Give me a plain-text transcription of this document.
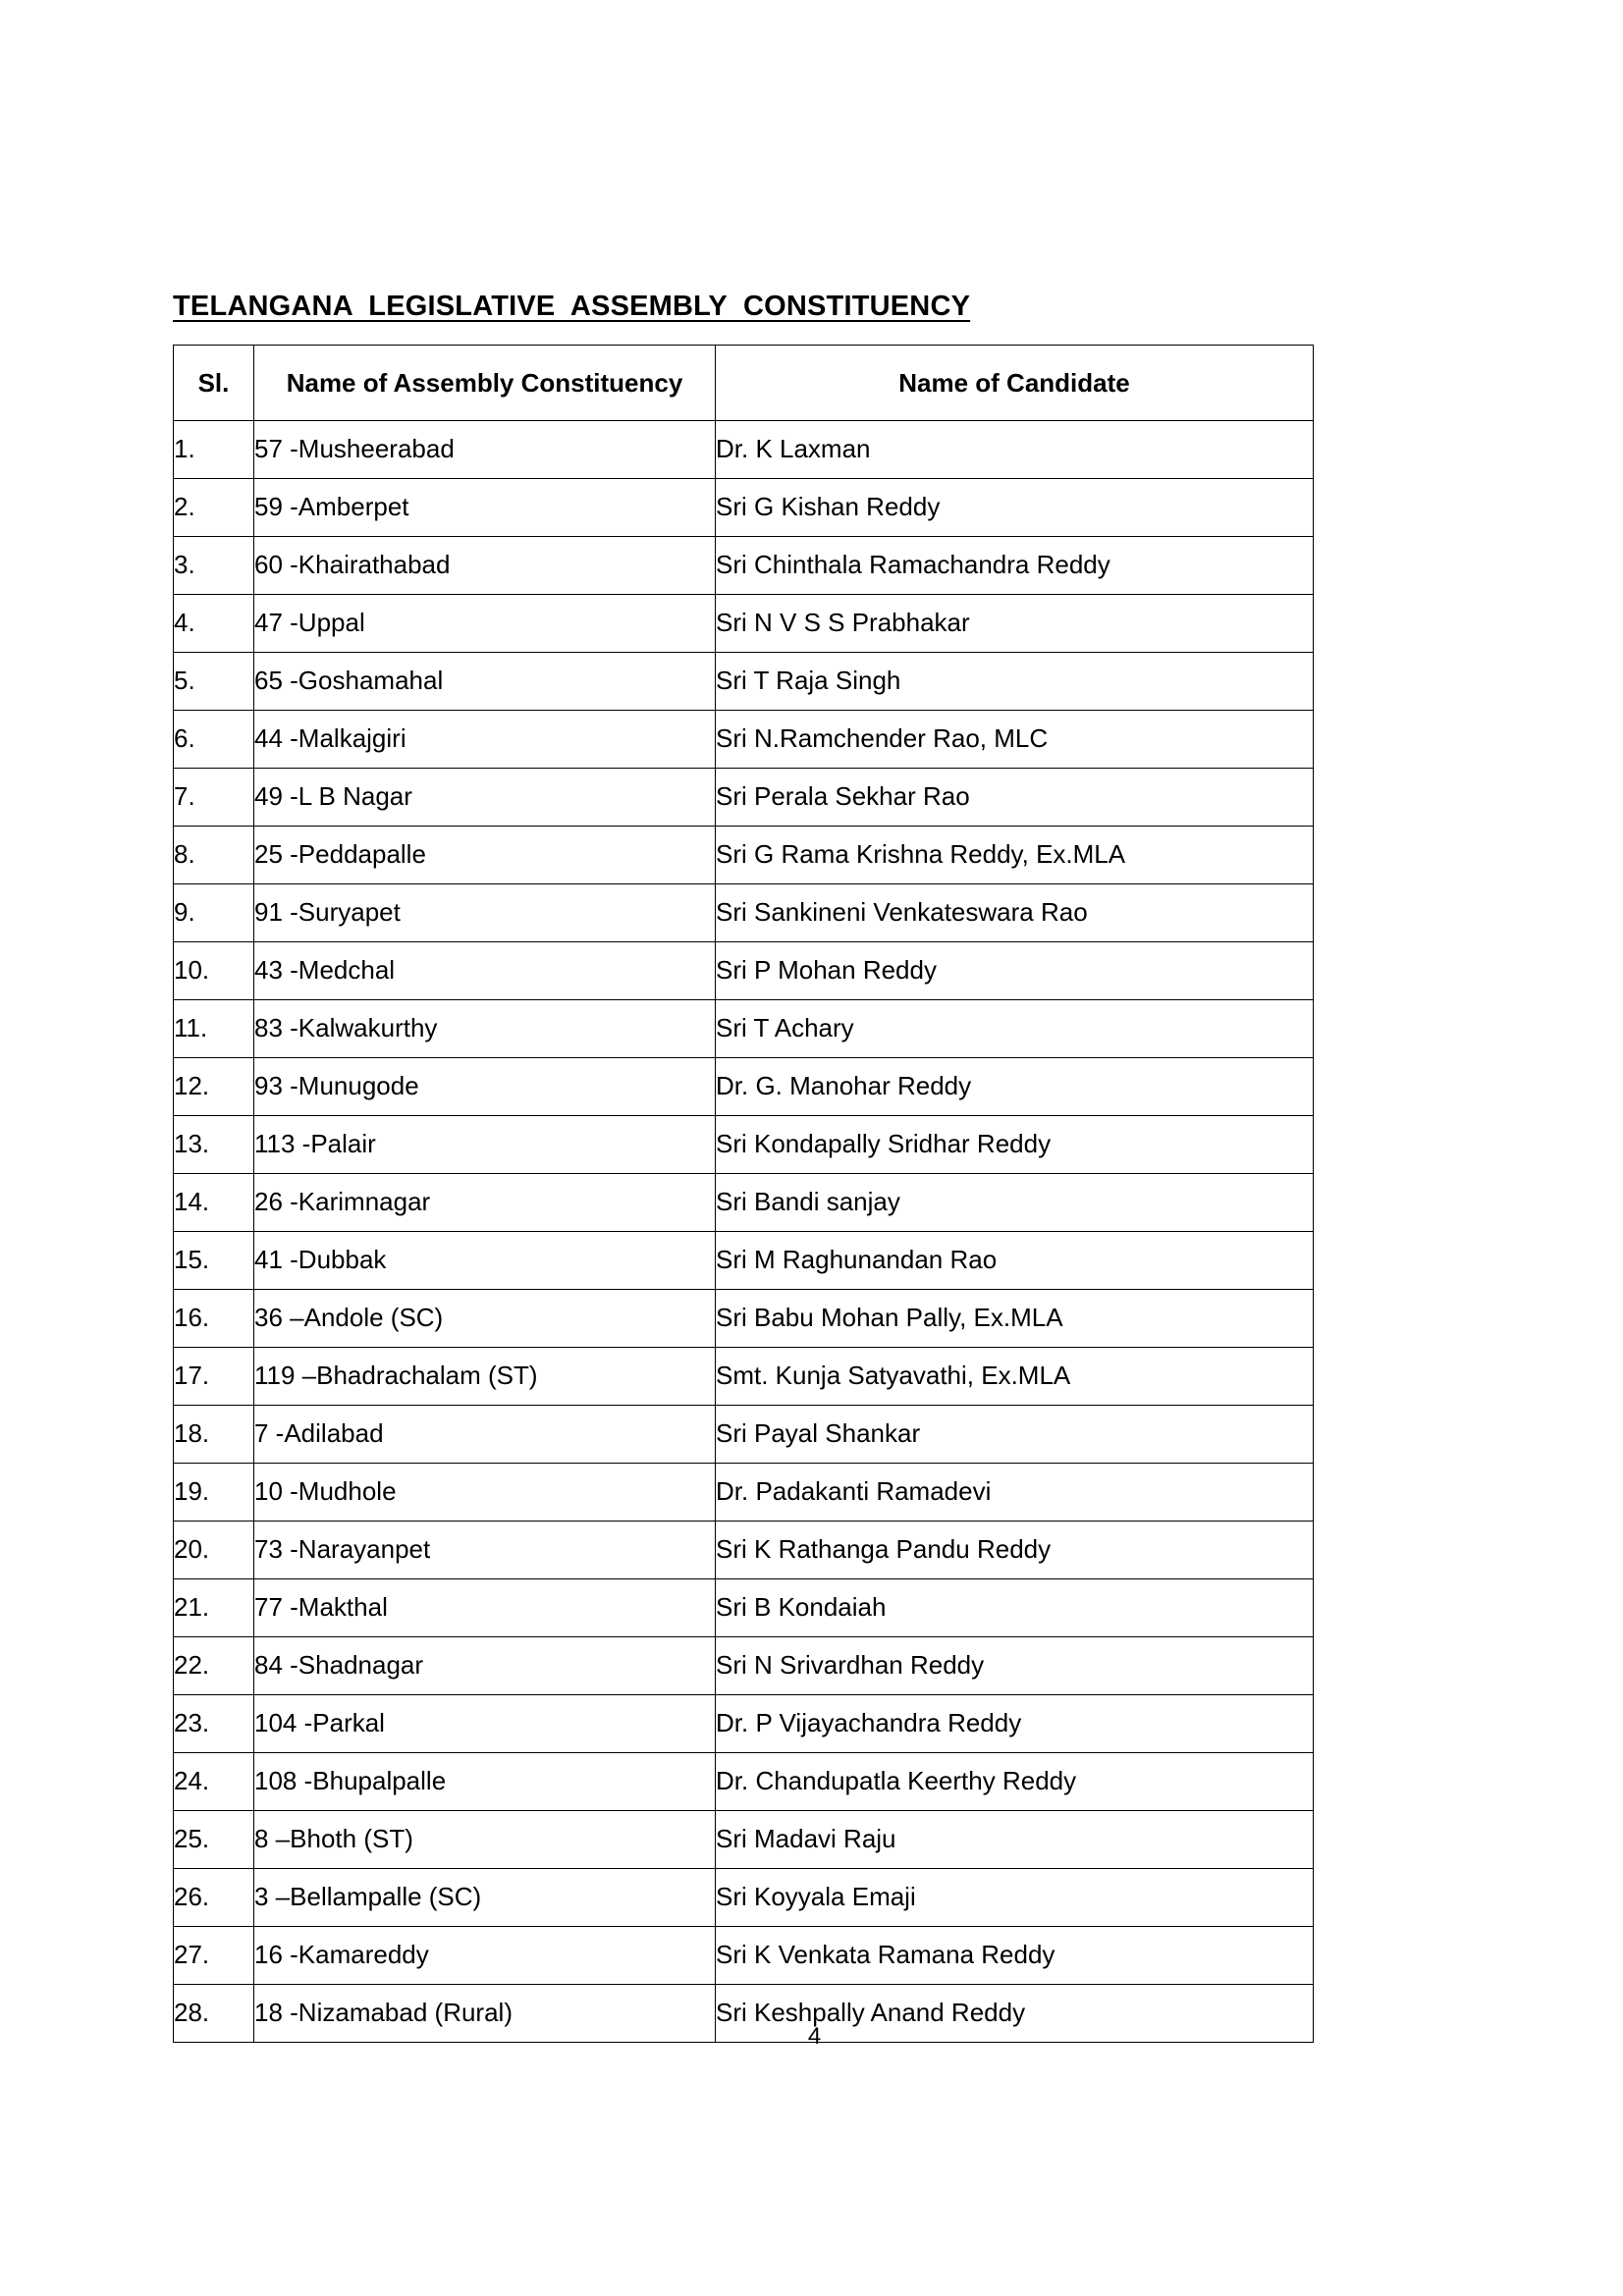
TELANGANA  LEGISLATIVE  ASSEMBLY  CONSTITUENCY
Sl.	Name of Assembly Constituency	Name of Candidate
1.	57 -Musheerabad	Dr. K Laxman
2.	59 -Amberpet	Sri G Kishan Reddy
3.	60 -Khairathabad	Sri Chinthala Ramachandra Reddy
4.	47 -Uppal	Sri N V S S Prabhakar
5.	65 -Goshamahal	Sri T Raja Singh
6.	44 -Malkajgiri	Sri N.Ramchender Rao, MLC
7.	49 -L B Nagar	Sri Perala Sekhar Rao
8.	25 -Peddapalle	Sri G Rama Krishna Reddy, Ex.MLA
9.	91 -Suryapet	Sri Sankineni Venkateswara Rao
10.	43 -Medchal	Sri P Mohan Reddy
11.	83 -Kalwakurthy	Sri T Achary
12.	93 -Munugode	Dr. G. Manohar Reddy
13.	113 -Palair	Sri Kondapally Sridhar Reddy
14.	26 -Karimnagar	Sri Bandi sanjay
15.	41 -Dubbak	Sri M Raghunandan Rao
16.	36 –Andole (SC)	Sri Babu Mohan Pally, Ex.MLA
17.	119 –Bhadrachalam (ST)	Smt. Kunja Satyavathi, Ex.MLA
18.	7 -Adilabad	Sri Payal Shankar
19.	10 -Mudhole	Dr. Padakanti Ramadevi
20.	73 -Narayanpet	Sri K Rathanga Pandu Reddy
21.	77 -Makthal	Sri B Kondaiah
22.	84 -Shadnagar	Sri N Srivardhan Reddy
23.	104 -Parkal	Dr. P Vijayachandra Reddy
24.	108 -Bhupalpalle	Dr. Chandupatla Keerthy Reddy
25.	8 –Bhoth (ST)	Sri Madavi Raju
26.	3 –Bellampalle (SC)	Sri Koyyala Emaji
27.	16 -Kamareddy	Sri K Venkata Ramana Reddy
28.	18 -Nizamabad (Rural)	Sri Keshpally Anand Reddy
4
